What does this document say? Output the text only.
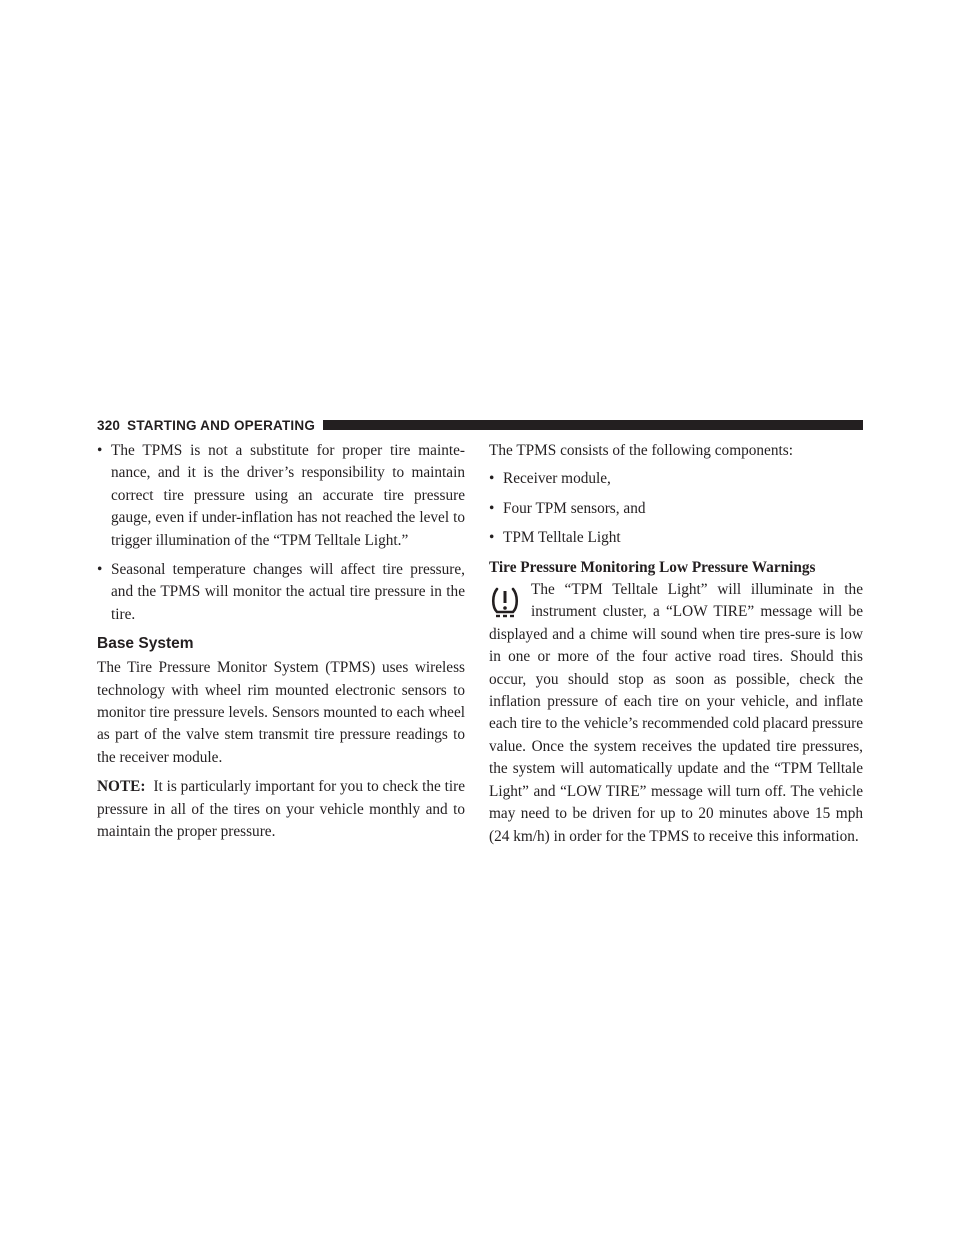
320 STARTING AND OPERATING
• The TPMS is not a substitute for proper tire mainte-nance, and it is the driver’s responsibility to maintain correct tire pressure using an accurate tire pressure gauge, even if under-inflation has not reached the level to trigger illumination of the “TPM Telltale Light.”
• Seasonal temperature changes will affect tire pressure, and the TPMS will monitor the actual tire pressure in the tire.
Base System

The Tire Pressure Monitor System (TPMS) uses wireless technology with wheel rim mounted electronic sensors to monitor tire pressure levels. Sensors mounted to each wheel as part of the valve stem transmit tire pressure readings to the receiver module.

NOTE: It is particularly important for you to check the tire pressure in all of the tires on your vehicle monthly and to maintain the proper pressure.

The TPMS consists of the following components:

• Receiver module,
• Four TPM sensors, and
• TPM Telltale Light
Tire Pressure Monitoring Low Pressure Warnings
The “TPM Telltale Light” will illuminate in the instrument cluster, a “LOW TIRE” message will be displayed and a chime will sound when tire pres-sure is low in one or more of the four active road tires. Should this occur, you should stop as soon as possible, check the inflation pressure of each tire on your vehicle, and inflate each tire to the vehicle’s recommended cold placard pressure value. Once the system receives the updated tire pressures, the system will automatically update and the “TPM Telltale Light” and “LOW TIRE” message will turn off. The vehicle may need to be driven for up to 20 minutes above 15 mph (24 km/h) in order for the TPMS to receive this information.
